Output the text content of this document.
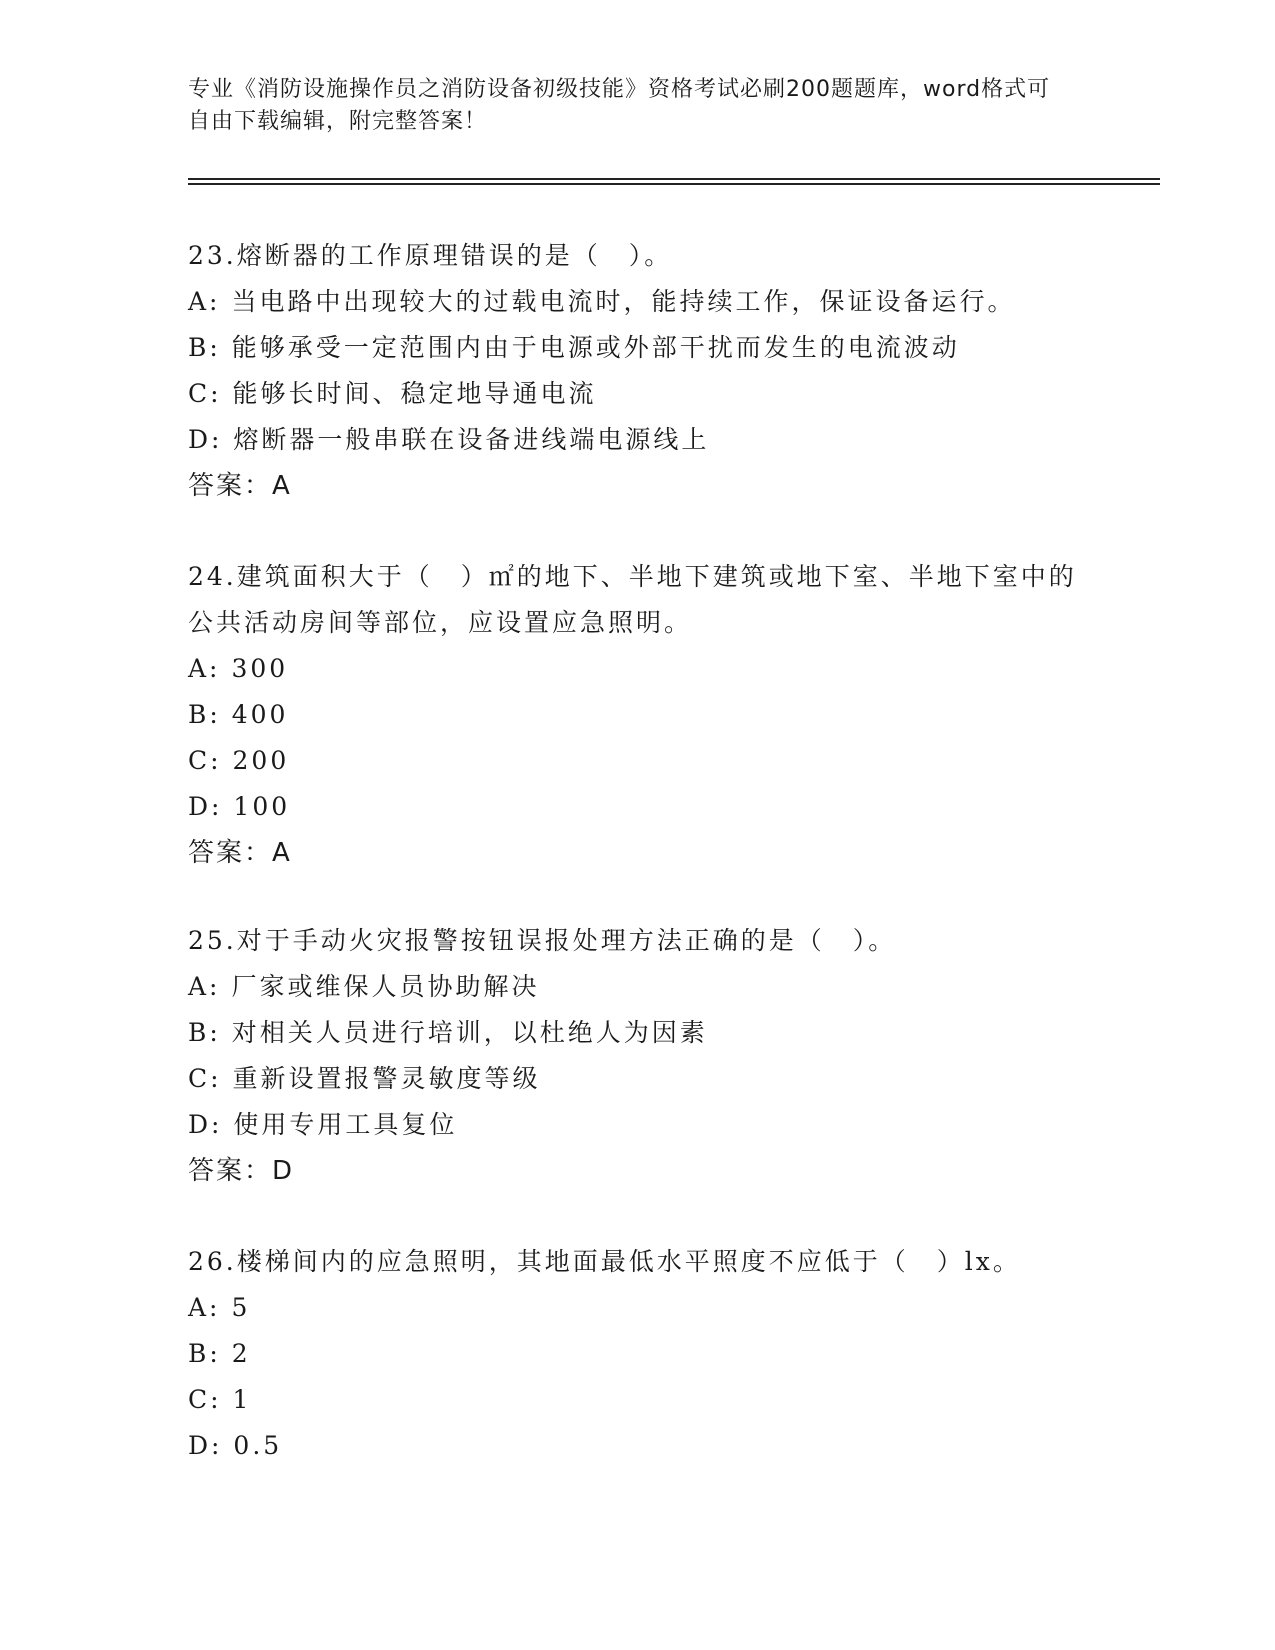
专业《消防设施操作员之消防设备初级技能》资格考试必刷200题题库，word格式可自由下载编辑，附完整答案！

23.熔断器的工作原理错误的是（　）。

A: 当电路中出现较大的过载电流时，能持续工作，保证设备运行。

B: 能够承受一定范围内由于电源或外部干扰而发生的电流波动

C: 能够长时间、稳定地导通电流

D: 熔断器一般串联在设备进线端电源线上

答案：A

24.建筑面积大于（　）㎡的地下、半地下建筑或地下室、半地下室中的公共活动房间等部位，应设置应急照明。

A: 300

B: 400

C: 200

D: 100

答案：A

25.对于手动火灾报警按钮误报处理方法正确的是（　）。

A: 厂家或维保人员协助解决

B: 对相关人员进行培训，以杜绝人为因素

C: 重新设置报警灵敏度等级

D: 使用专用工具复位

答案：D

26.楼梯间内的应急照明，其地面最低水平照度不应低于（　）lx。

A: 5

B: 2

C: 1

D: 0.5
